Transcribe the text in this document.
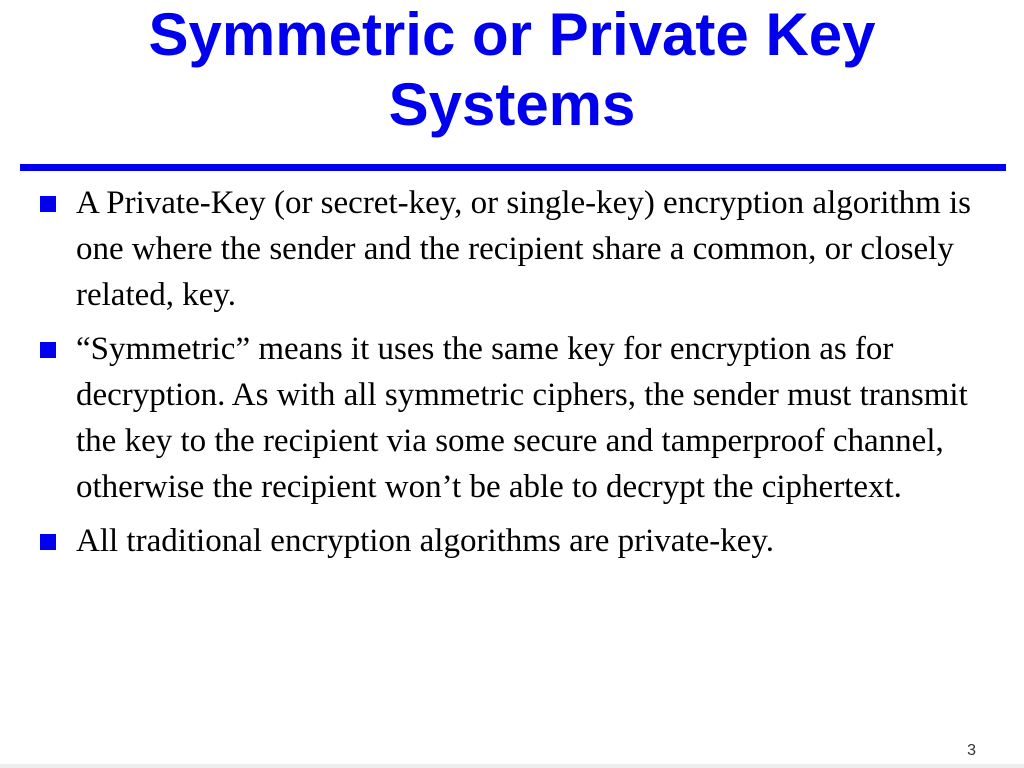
Symmetric or Private Key
Systems
A Private-Key (or secret-key, or single-key) encryption algorithm is one where the sender and the recipient share a common, or closely related, key.
“Symmetric” means it uses the same key for encryption as for decryption. As with all symmetric ciphers, the sender must transmit the key to the recipient via some secure and tamperproof channel, otherwise the recipient won’t be able to decrypt the ciphertext.
All traditional encryption algorithms are private-key.
3
